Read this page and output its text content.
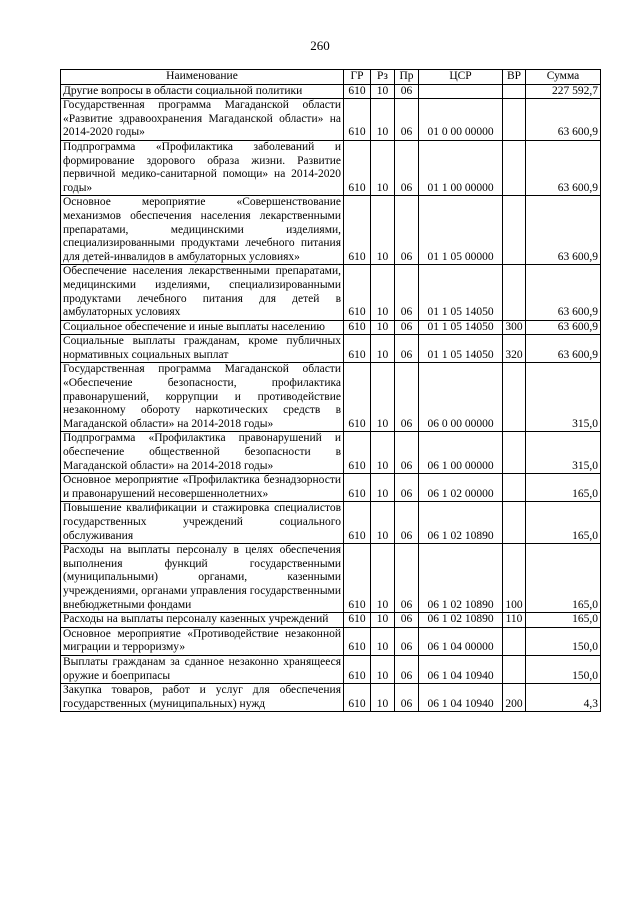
260
Наименование	ГР	Рз	Пр	ЦСР	ВР	Сумма
Другие вопросы в области социальной политики	610	10	06			227 592,7
Государственная программа Магаданской области «Развитие здравоохранения Магаданской области» на 2014-2020 годы»	610	10	06	01 0 00 00000		63 600,9
Подпрограмма «Профилактика заболеваний и формирование здорового образа жизни. Развитие первичной медико-санитарной помощи» на 2014-2020 годы»	610	10	06	01 1 00 00000		63 600,9
Основное мероприятие «Совершенствование механизмов обеспечения населения лекарственными препаратами, медицинскими изделиями, специализированными продуктами лечебного питания для детей-инвалидов в амбулаторных условиях»	610	10	06	01 1 05 00000		63 600,9
Обеспечение населения лекарственными препаратами, медицинскими изделиями, специализированными продуктами лечебного питания для детей в амбулаторных условиях	610	10	06	01 1 05 14050		63 600,9
Социальное обеспечение и иные выплаты населению	610	10	06	01 1 05 14050	300	63 600,9
Социальные выплаты гражданам, кроме публичных нормативных социальных выплат	610	10	06	01 1 05 14050	320	63 600,9
Государственная программа Магаданской области «Обеспечение безопасности, профилактика правонарушений, коррупции и противодействие незаконному обороту наркотических средств в Магаданской области» на 2014-2018 годы»	610	10	06	06 0 00 00000		315,0
Подпрограмма «Профилактика правонарушений и обеспечение общественной безопасности в Магаданской области» на 2014-2018 годы»	610	10	06	06 1 00 00000		315,0
Основное мероприятие «Профилактика безнадзорности и правонарушений несовершеннолетних»	610	10	06	06 1 02 00000		165,0
Повышение квалификации и стажировка специалистов государственных учреждений социального обслуживания	610	10	06	06 1 02 10890		165,0
Расходы на выплаты персоналу в целях обеспечения выполнения функций государственными (муниципальными) органами, казенными учреждениями, органами управления государственными внебюджетными фондами	610	10	06	06 1 02 10890	100	165,0
Расходы на выплаты персоналу казенных учреждений	610	10	06	06 1 02 10890	110	165,0
Основное мероприятие «Противодействие незаконной миграции и терроризму»	610	10	06	06 1 04 00000		150,0
Выплаты гражданам за сданное незаконно хранящееся оружие и боеприпасы	610	10	06	06 1 04 10940		150,0
Закупка товаров, работ и услуг для обеспечения государственных (муниципальных) нужд	610	10	06	06 1 04 10940	200	4,3
